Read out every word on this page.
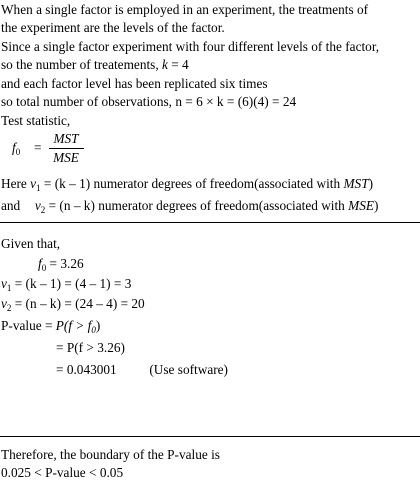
When a single factor is employed in an experiment, the treatments of
the experiment are the levels of the factor.
Since a single factor experiment with four different levels of the factor,
so the number of treatements, k = 4
and each factor level has been replicated six times
so total number of observations, n = 6 × k = (6)(4) = 24
Test statistic,
$f_0$ =
MST
MSE
Here $v_1 = (k - 1)$ numerator degrees of freedom(associated with MST)
and $v_2 = (n - k)$ numerator degrees of freedom(associated with MSE)
Given that,
$f_0 = 3.26$
$v_1 = (k - 1) = (4 - 1) = 3$
$v_2 = (n - k) = (24 - 4) = 20$
P-value = $P(f > f_0)$
= P(f > 3.26)
= 0.043001 (Use software)
Therefore, the boundary of the P-value is
0.025 < P-value < 0.05
